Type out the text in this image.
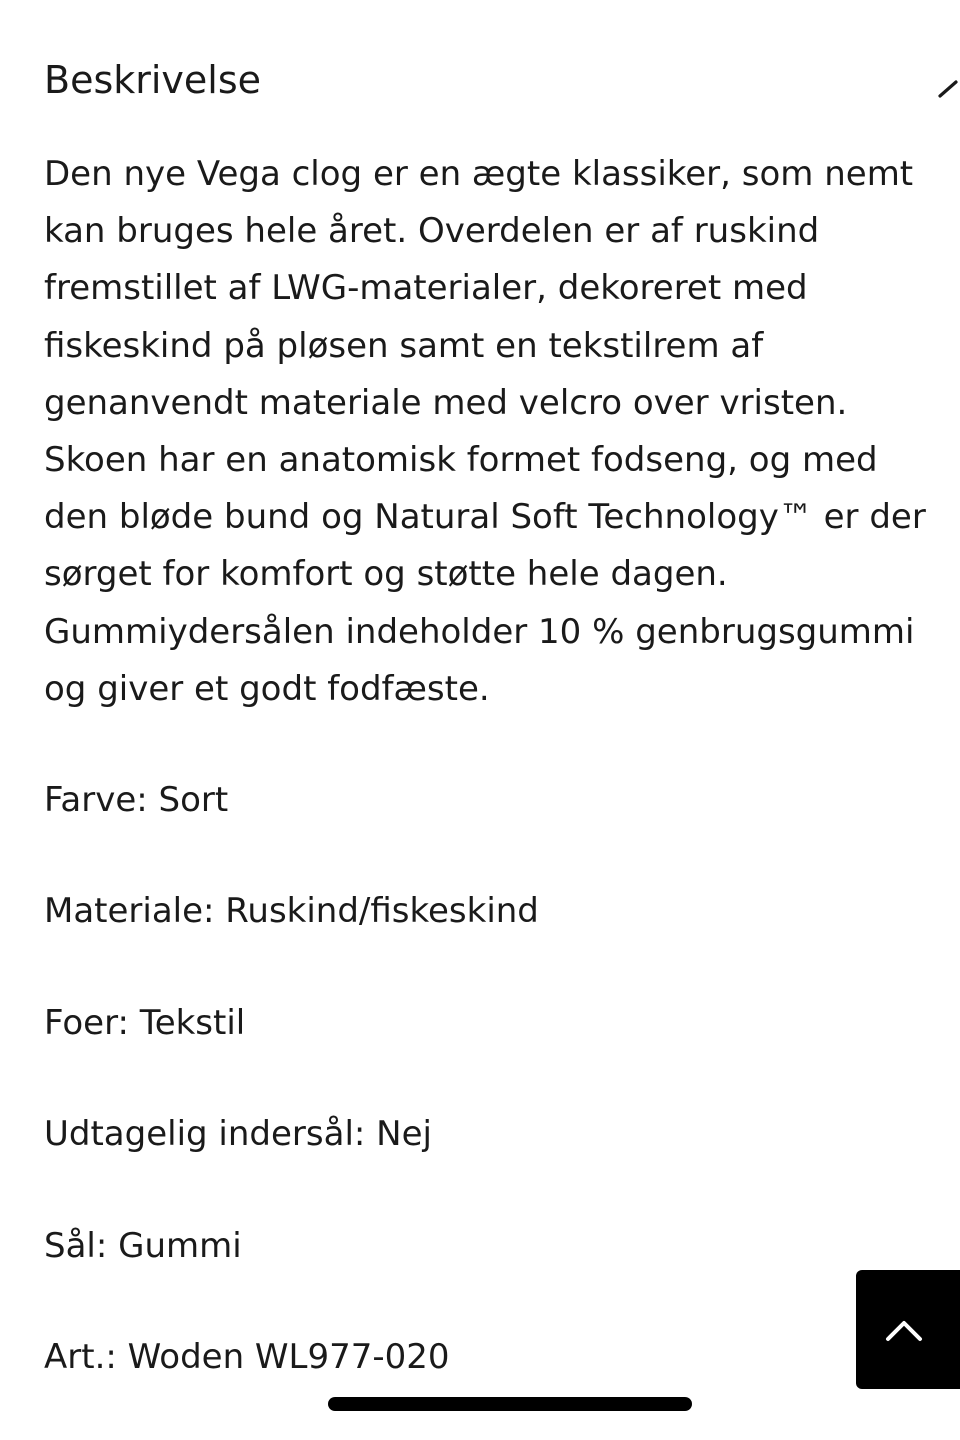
Beskrivelse

Den nye Vega clog er en ægte klassiker, som nemt kan bruges hele året. Overdelen er af ruskind fremstillet af LWG-materialer, dekoreret med fiskeskind på pløsen samt en tekstilrem af genanvendt materiale med velcro over vristen. Skoen har en anatomisk formet fodseng, og med den bløde bund og Natural Soft Technology™ er der sørget for komfort og støtte hele dagen. Gummiydersålen indeholder 10 % genbrugsgummi og giver et godt fodfæste.

Farve: Sort
Materiale: Ruskind/fiskeskind
Foer: Tekstil
Udtagelig indersål: Nej
Sål: Gummi
Art.: Woden WL977-020
